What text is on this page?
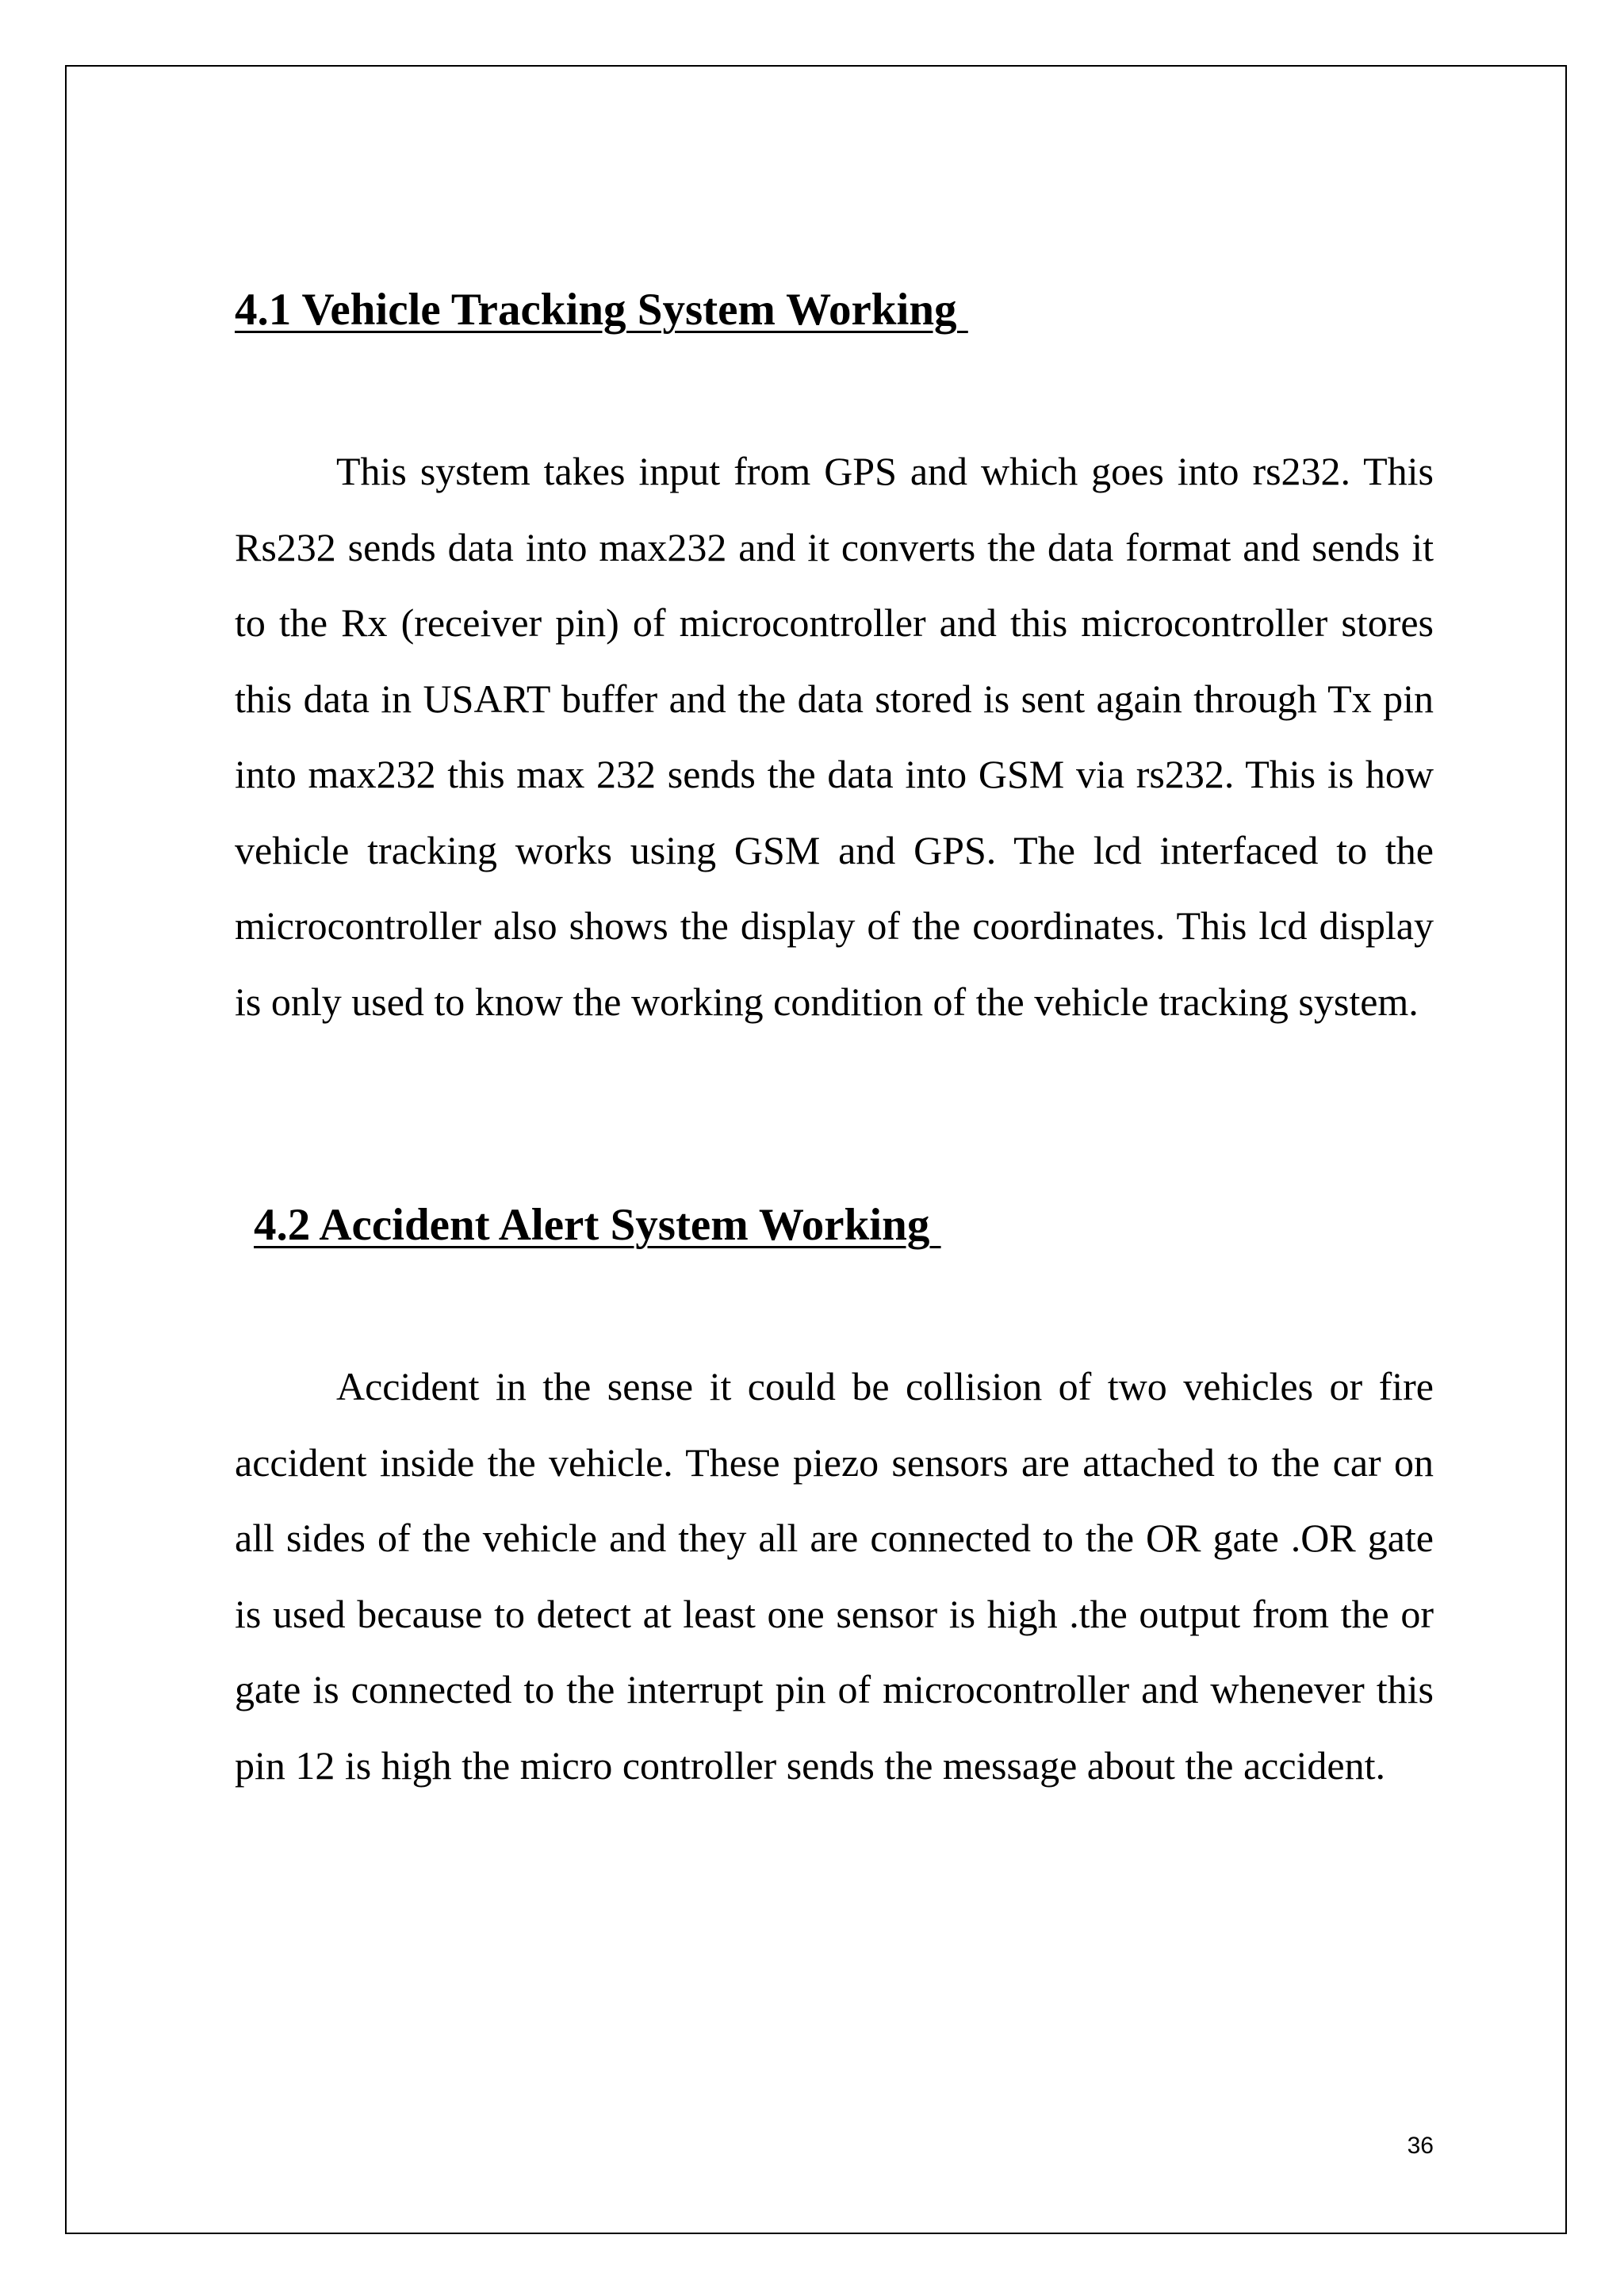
4.1 Vehicle Tracking System Working

This system takes input from GPS and which goes into rs232. This Rs232 sends data into max232 and it converts the data format and sends it to the Rx (receiver pin) of microcontroller and this microcontroller stores this data in USART buffer and the data stored is sent again through Tx pin into max232 this max 232 sends the data into GSM via rs232. This is how vehicle tracking works using GSM and GPS. The lcd interfaced to the microcontroller also shows the display of the coordinates. This lcd display is only used to know the working condition of the vehicle tracking system.

4.2 Accident Alert System Working

Accident in the sense it could be collision of two vehicles or fire accident inside the vehicle. These piezo sensors are attached to the car on all sides of the vehicle and they all are connected to the OR gate .OR gate is used because to detect at least one sensor is high .the output from the or gate is connected to the interrupt pin of microcontroller and whenever this pin 12 is high the micro controller sends the message about the accident.

36
